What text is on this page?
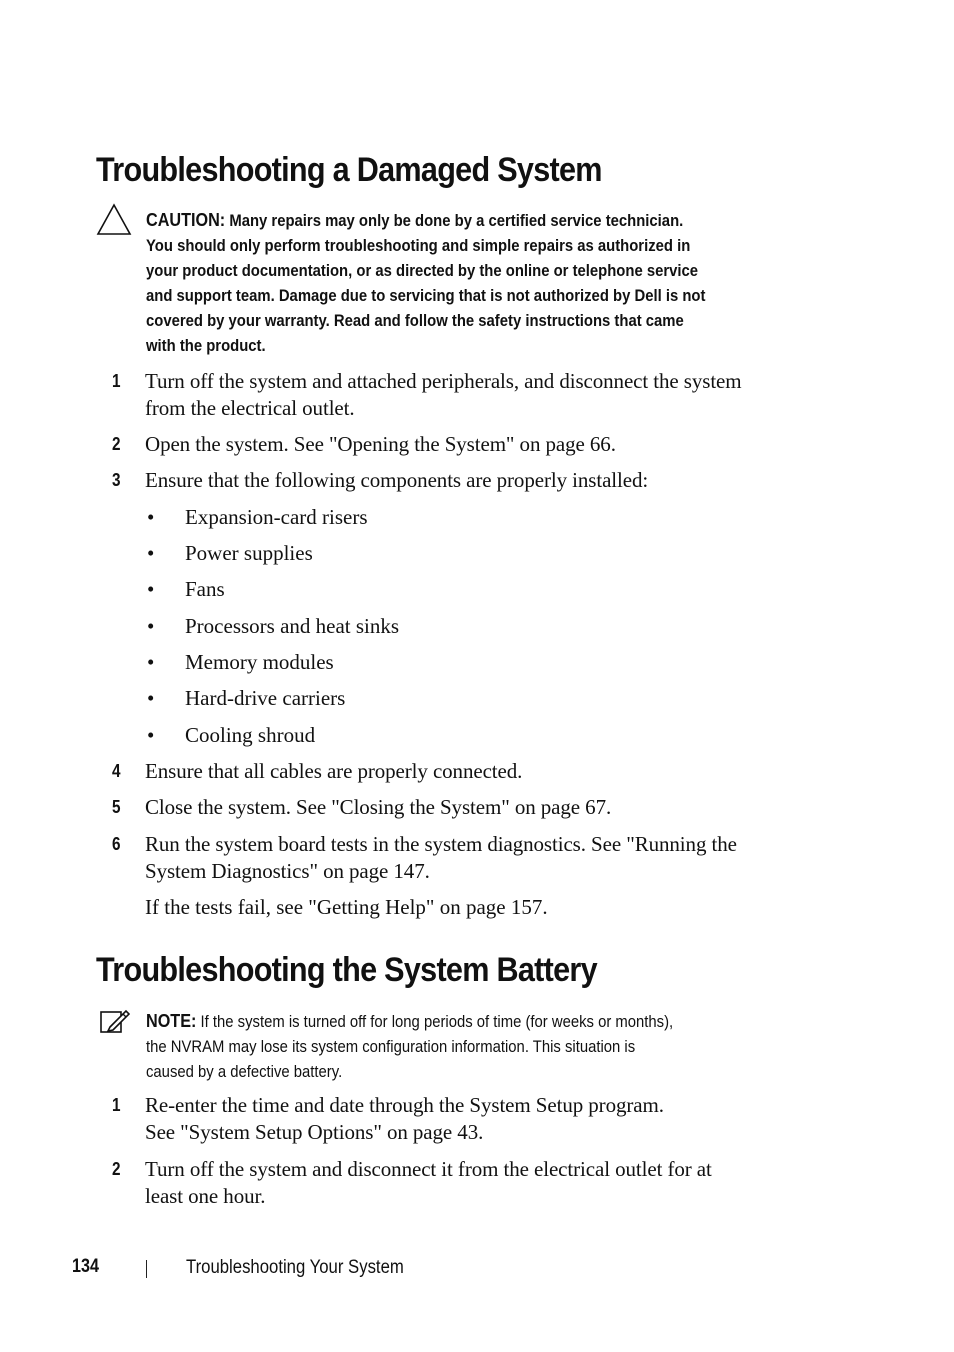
Troubleshooting a Damaged System
CAUTION: Many repairs may only be done by a certified service technician.
You should only perform troubleshooting and simple repairs as authorized in
your product documentation, or as directed by the online or telephone service
and support team. Damage due to servicing that is not authorized by Dell is not
covered by your warranty. Read and follow the safety instructions that came
with the product.
1 Turn off the system and attached peripherals, and disconnect the system
from the electrical outlet.
2 Open the system. See "Opening the System" on page 66.
3 Ensure that the following components are properly installed:
• Expansion-card risers
• Power supplies
• Fans
• Processors and heat sinks
• Memory modules
• Hard-drive carriers
• Cooling shroud
4 Ensure that all cables are properly connected.
5 Close the system. See "Closing the System" on page 67.
6 Run the system board tests in the system diagnostics. See "Running the
System Diagnostics" on page 147.
If the tests fail, see "Getting Help" on page 157.
Troubleshooting the System Battery
NOTE: If the system is turned off for long periods of time (for weeks or months),
the NVRAM may lose its system configuration information. This situation is
caused by a defective battery.
1 Re-enter the time and date through the System Setup program.
See "System Setup Options" on page 43.
2 Turn off the system and disconnect it from the electrical outlet for at
least one hour.
134	Troubleshooting Your System
